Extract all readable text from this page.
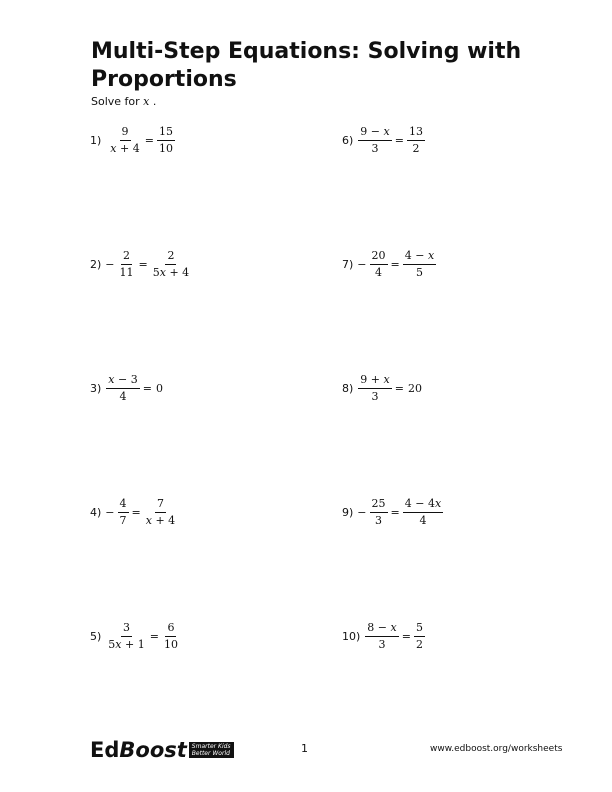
Multi-Step Equations: Solving with Proportions
Solve for x .
$1) \frac{9}{x + 4} = \frac{15}{10}$
$2) - \frac{2}{11} = \frac{2}{5x + 4}$
$3) \frac{x - 3}{4} = 0$
$4) - \frac{4}{7} = \frac{7}{x + 4}$
$5) \frac{3}{5x + 1} = \frac{6}{10}$
$6) \frac{9 - x}{3} = \frac{13}{2}$
$7) - \frac{20}{4} = \frac{4 - x}{5}$
$8) \frac{9 + x}{3} = 20$
$9) - \frac{25}{3} = \frac{4 - 4x}{4}$
$10) \frac{8 - x}{3} = \frac{5}{2}$
Ed Boost Smarter Kids
Better World	1	www.edboost.org/worksheets
